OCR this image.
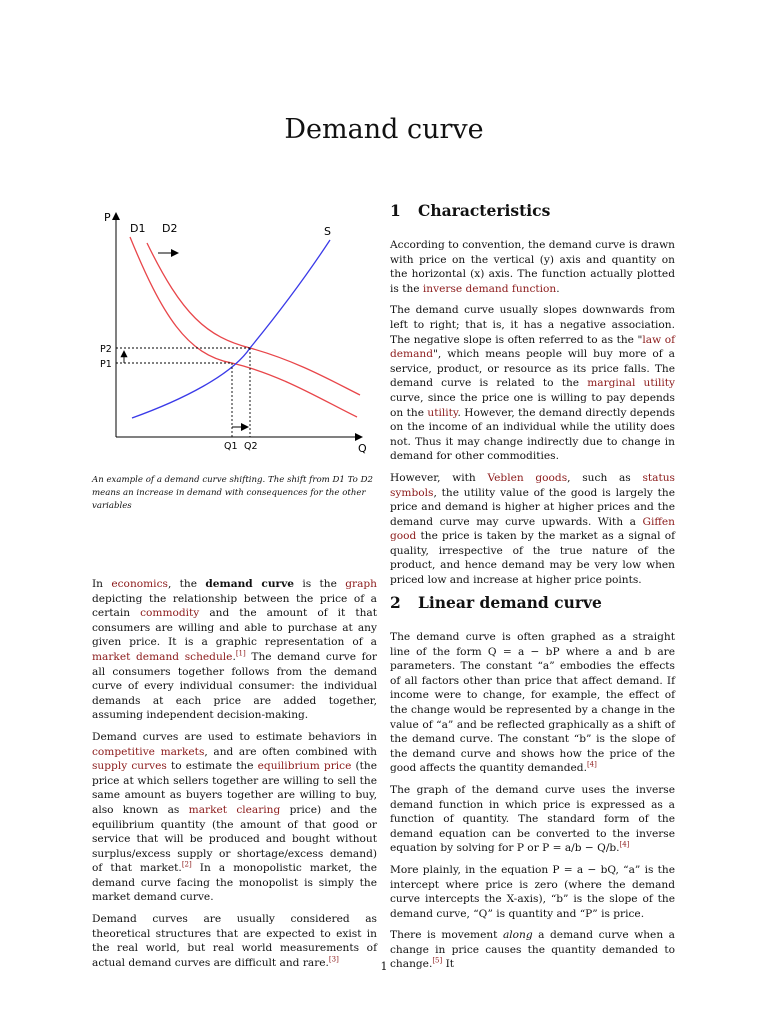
Demand curve
P
Q
D1 D2	S
P2
P1
Q1 Q2
An example of a demand curve shifting. The shift from D1 To D2 means an increase in demand with consequences for the other variables

In economics, the demand curve is the graph depicting the relationship between the price of a certain commodity and the amount of it that consumers are willing and able to purchase at any given price. It is a graphic representation of a market demand schedule.[1] The demand curve for all consumers together follows from the demand curve of every individual consumer: the individual demands at each price are added together, assuming independent decision-making.

Demand curves are used to estimate behaviors in competitive markets, and are often combined with supply curves to estimate the equilibrium price (the price at which sellers together are willing to sell the same amount as buyers together are willing to buy, also known as market clearing price) and the equilibrium quantity (the amount of that good or service that will be produced and bought without surplus/excess supply or shortage/excess demand) of that market.[2] In a monopolistic market, the demand curve facing the monopolist is simply the market demand curve.

Demand curves are usually considered as theoretical structures that are expected to exist in the real world, but real world measurements of actual demand curves are difficult and rare.[3]

1 Characteristics

According to convention, the demand curve is drawn with price on the vertical (y) axis and quantity on the horizontal (x) axis. The function actually plotted is the inverse demand function.

The demand curve usually slopes downwards from left to right; that is, it has a negative association. The negative slope is often referred to as the "law of demand", which means people will buy more of a service, product, or resource as its price falls. The demand curve is related to the marginal utility curve, since the price one is willing to pay depends on the utility. However, the demand directly depends on the income of an individual while the utility does not. Thus it may change indirectly due to change in demand for other commodities.

However, with Veblen goods, such as status symbols, the utility value of the good is largely the price and demand is higher at higher prices and the demand curve may curve upwards. With a Giffen good the price is taken by the market as a signal of quality, irrespective of the true nature of the product, and hence demand may be very low when priced low and increase at higher price points.

2 Linear demand curve

The demand curve is often graphed as a straight line of the form Q = a − bP where a and b are parameters. The constant “a” embodies the effects of all factors other than price that affect demand. If income were to change, for example, the effect of the change would be represented by a change in the value of “a” and be reflected graphically as a shift of the demand curve. The constant “b” is the slope of the demand curve and shows how the price of the good affects the quantity demanded.[4]

The graph of the demand curve uses the inverse demand function in which price is expressed as a function of quantity. The standard form of the demand equation can be converted to the inverse equation by solving for P or P = a/b − Q/b.[4]

More plainly, in the equation P = a − bQ, “a” is the intercept where price is zero (where the demand curve intercepts the X-axis), “b” is the slope of the demand curve, “Q” is quantity and “P” is price.

There is movement along a demand curve when a change in price causes the quantity demanded to change.[5] It

1
